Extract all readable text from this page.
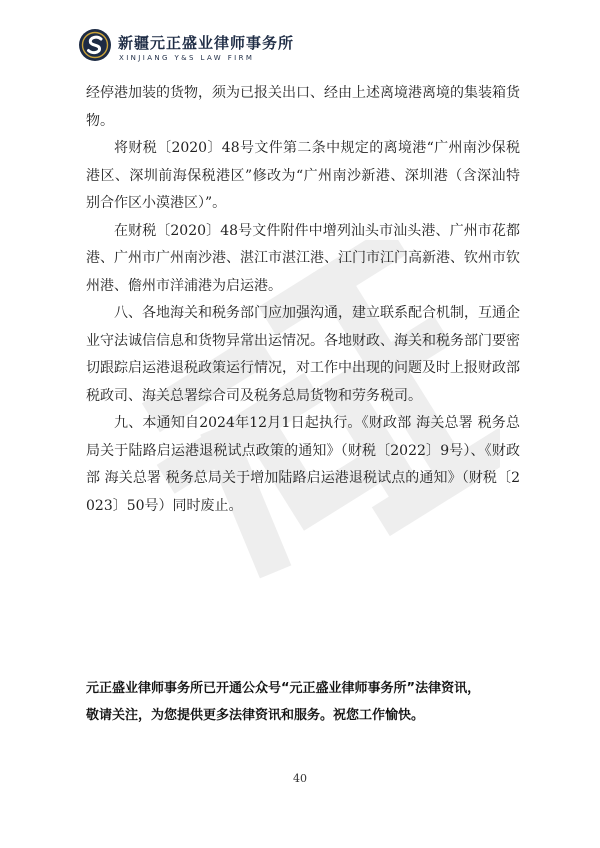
新疆元正盛业律师事务所
XINJIANG Y&S LAW FIRM

经停港加装的货物，须为已报关出口、经由上述离境港离境的集装箱货物。

将财税〔2020〕48号文件第二条中规定的离境港“广州南沙保税港区、深圳前海保税港区”修改为“广州南沙新港、深圳港（含深汕特别合作区小漠港区）”。

在财税〔2020〕48号文件附件中增列汕头市汕头港、广州市花都港、广州市广州南沙港、湛江市湛江港、江门市江门高新港、钦州市钦州港、儋州市洋浦港为启运港。

八、各地海关和税务部门应加强沟通，建立联系配合机制，互通企业守法诚信信息和货物异常出运情况。各地财政、海关和税务部门要密切跟踪启运港退税政策运行情况，对工作中出现的问题及时上报财政部税政司、海关总署综合司及税务总局货物和劳务税司。

九、本通知自2024年12月1日起执行。《财政部 海关总署 税务总局关于陆路启运港退税试点政策的通知》（财税〔2022〕9号）、《财政部 海关总署 税务总局关于增加陆路启运港退税试点的通知》（财税〔2023〕50号）同时废止。

元正盛业律师事务所已开通公众号“元正盛业律师事务所”法律资讯，
敬请关注，为您提供更多法律资讯和服务。祝您工作愉快。
40
